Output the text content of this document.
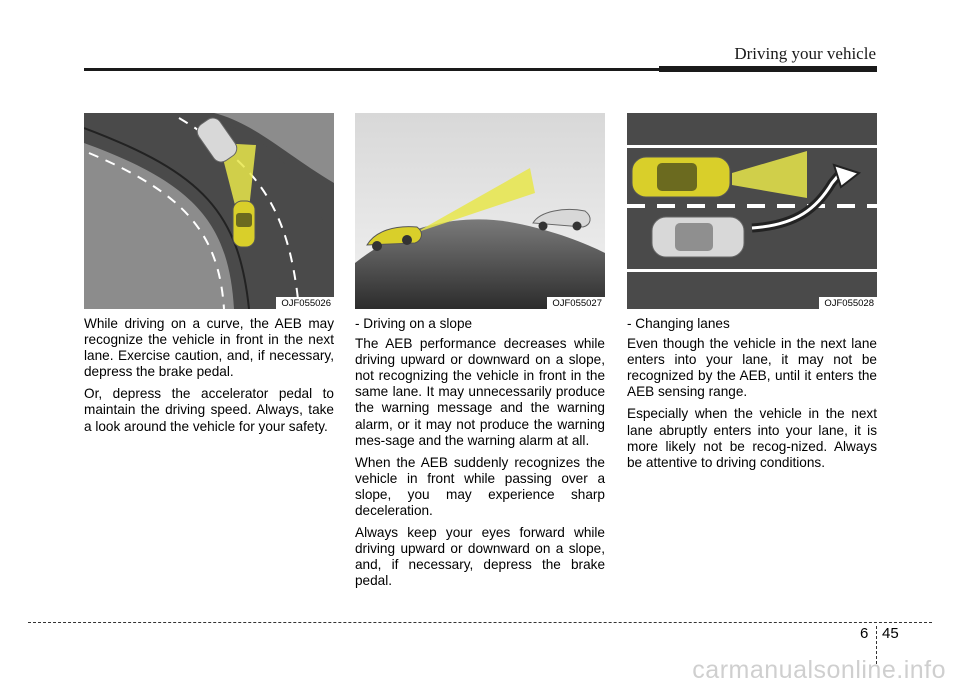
Driving your vehicle
OJF055026	OJF055027	OJF055028

While driving on a curve, the AEB may recognize the vehicle in front in the next lane. Exercise caution, and, if necessary, depress the brake pedal.

Or, depress the accelerator pedal to maintain the driving speed. Always, take a look around the vehicle for your safety.

- Driving on a slope

The AEB performance decreases while driving upward or downward on a slope, not recognizing the vehicle in front in the same lane. It may unnecessarily produce the warning message and the warning alarm, or it may not produce the warning mes-sage and the warning alarm at all.

When the AEB suddenly recognizes the vehicle in front while passing over a slope, you may experience sharp deceleration.

Always keep your eyes forward while driving upward or downward on a slope, and, if necessary, depress the brake pedal.

- Changing lanes

Even though the vehicle in the next lane enters into your lane, it may not be recognized by the AEB, until it enters the AEB sensing range.

Especially when the vehicle in the next lane abruptly enters into your lane, it is more likely not be recog-nized. Always be attentive to driving conditions.

6 45
carmanualsonline.info
